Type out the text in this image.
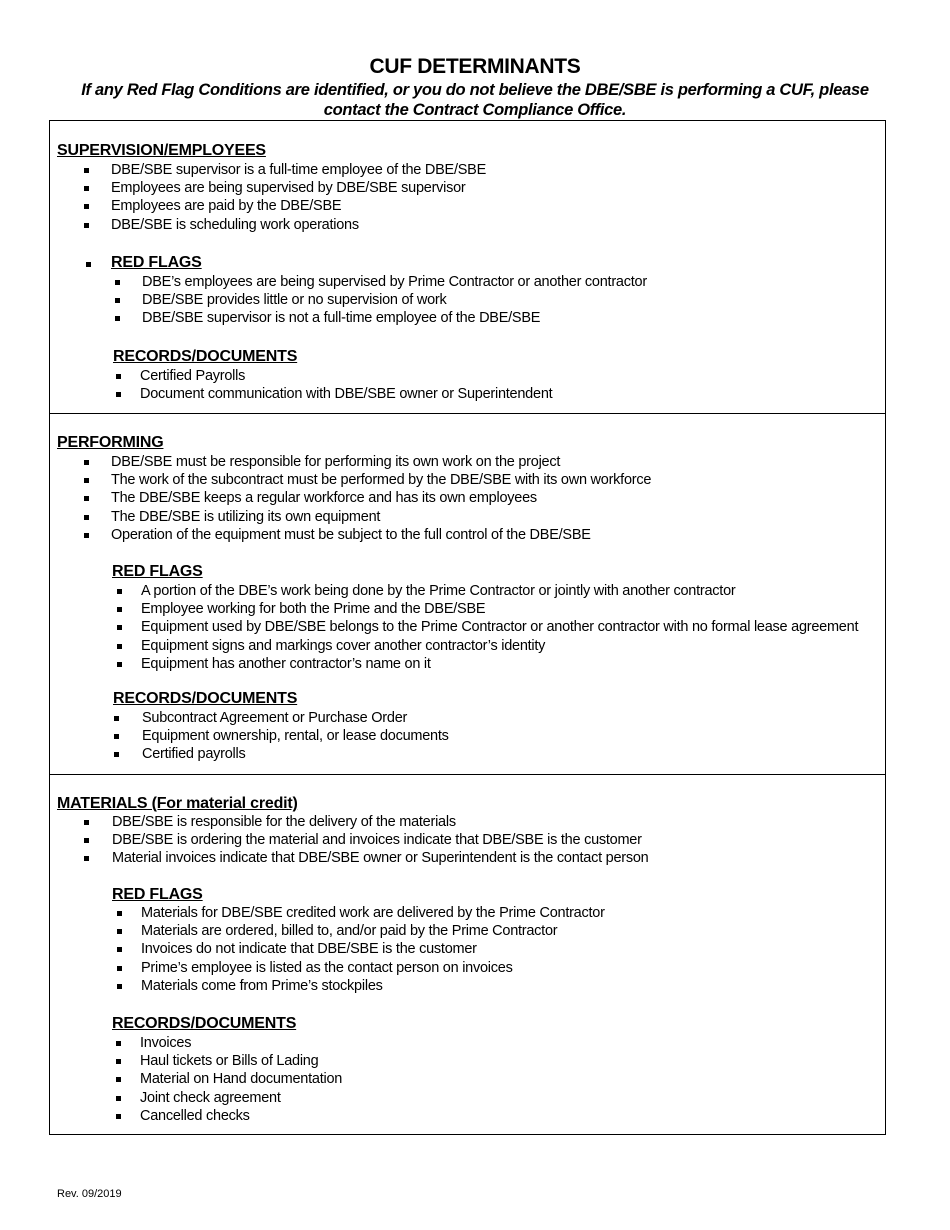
CUF DETERMINANTS
If any Red Flag Conditions are identified, or you do not believe the DBE/SBE is performing a CUF, please contact the Contract Compliance Office.
SUPERVISION/EMPLOYEES
DBE/SBE supervisor is a full-time employee of the DBE/SBE
Employees are being supervised by DBE/SBE supervisor
Employees are paid by the DBE/SBE
DBE/SBE is scheduling work operations
RED FLAGS
DBE’s employees are being supervised by Prime Contractor or another contractor
DBE/SBE provides little or no supervision of work
DBE/SBE supervisor is not a full-time employee of the DBE/SBE
RECORDS/DOCUMENTS
Certified Payrolls
Document communication with DBE/SBE owner or Superintendent
PERFORMING
DBE/SBE must be responsible for performing its own work on the project
The work of the subcontract must be performed by the DBE/SBE with its own workforce
The DBE/SBE keeps a regular workforce and has its own employees
The DBE/SBE is utilizing its own equipment
Operation of the equipment must be subject to the full control of the DBE/SBE
RED FLAGS
A portion of the DBE’s work being done by the Prime Contractor or jointly with another contractor
Employee working for both the Prime and the DBE/SBE
Equipment used by DBE/SBE belongs to the Prime Contractor or another contractor with no formal lease agreement
Equipment signs and markings cover another contractor’s identity
Equipment has another contractor’s name on it
RECORDS/DOCUMENTS
Subcontract Agreement or Purchase Order
Equipment ownership, rental, or lease documents
Certified payrolls
MATERIALS (For material credit)
DBE/SBE is responsible for the delivery of the materials
DBE/SBE is ordering the material and invoices indicate that DBE/SBE is the customer
Material invoices indicate that DBE/SBE owner or Superintendent is the contact person
RED FLAGS
Materials for DBE/SBE credited work are delivered by the Prime Contractor
Materials are ordered, billed to, and/or paid by the Prime Contractor
Invoices do not indicate that DBE/SBE is the customer
Prime’s employee is listed as the contact person on invoices
Materials come from Prime’s stockpiles
RECORDS/DOCUMENTS
Invoices
Haul tickets or Bills of Lading
Material on Hand documentation
Joint check agreement
Cancelled checks
Rev. 09/2019
